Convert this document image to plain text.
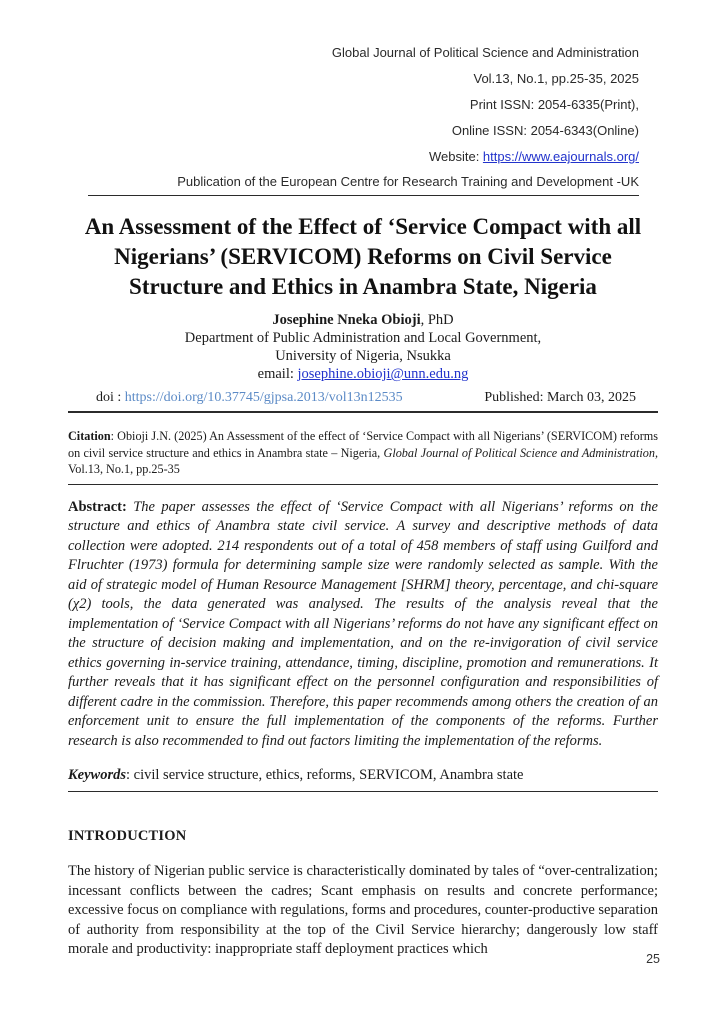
Global Journal of Political Science and Administration
Vol.13, No.1, pp.25-35, 2025
Print ISSN: 2054-6335(Print),
Online ISSN: 2054-6343(Online)
Website: https://www.eajournals.org/
Publication of the European Centre for Research Training and Development -UK
An Assessment of the Effect of ‘Service Compact with all Nigerians’ (SERVICOM) Reforms on Civil Service Structure and Ethics in Anambra State, Nigeria
Josephine Nneka Obioji, PhD
Department of Public Administration and Local Government,
University of Nigeria, Nsukka
email: josephine.obioji@unn.edu.ng
doi : https://doi.org/10.37745/gjpsa.2013/vol13n12535	Published: March 03, 2025

Citation: Obioji J.N. (2025) An Assessment of the effect of ‘Service Compact with all Nigerians’ (SERVICOM) reforms on civil service structure and ethics in Anambra state – Nigeria, Global Journal of Political Science and Administration, Vol.13, No.1, pp.25-35

Abstract: The paper assesses the effect of ‘Service Compact with all Nigerians’ reforms on the structure and ethics of Anambra state civil service. A survey and descriptive methods of data collection were adopted. 214 respondents out of a total of 458 members of staff using Guilford and Flruchter (1973) formula for determining sample size were randomly selected as sample. With the aid of strategic model of Human Resource Management [SHRM] theory, percentage, and chi-square (χ2) tools, the data generated was analysed. The results of the analysis reveal that the implementation of ‘Service Compact with all Nigerians’ reforms do not have any significant effect on the structure of decision making and implementation, and on the re-invigoration of civil service ethics governing in-service training, attendance, timing, discipline, promotion and remunerations. It further reveals that it has significant effect on the personnel configuration and responsibilities of different cadre in the commission. Therefore, this paper recommends among others the creation of an enforcement unit to ensure the full implementation of the components of the reforms. Further research is also recommended to find out factors limiting the implementation of the reforms.

Keywords: civil service structure, ethics, reforms, SERVICOM, Anambra state

INTRODUCTION

The history of Nigerian public service is characteristically dominated by tales of “over-centralization; incessant conflicts between the cadres; Scant emphasis on results and concrete performance; excessive focus on compliance with regulations, forms and procedures, counter-productive separation of authority from responsibility at the top of the Civil Service hierarchy; dangerously low staff morale and productivity: inappropriate staff deployment practices which

25
